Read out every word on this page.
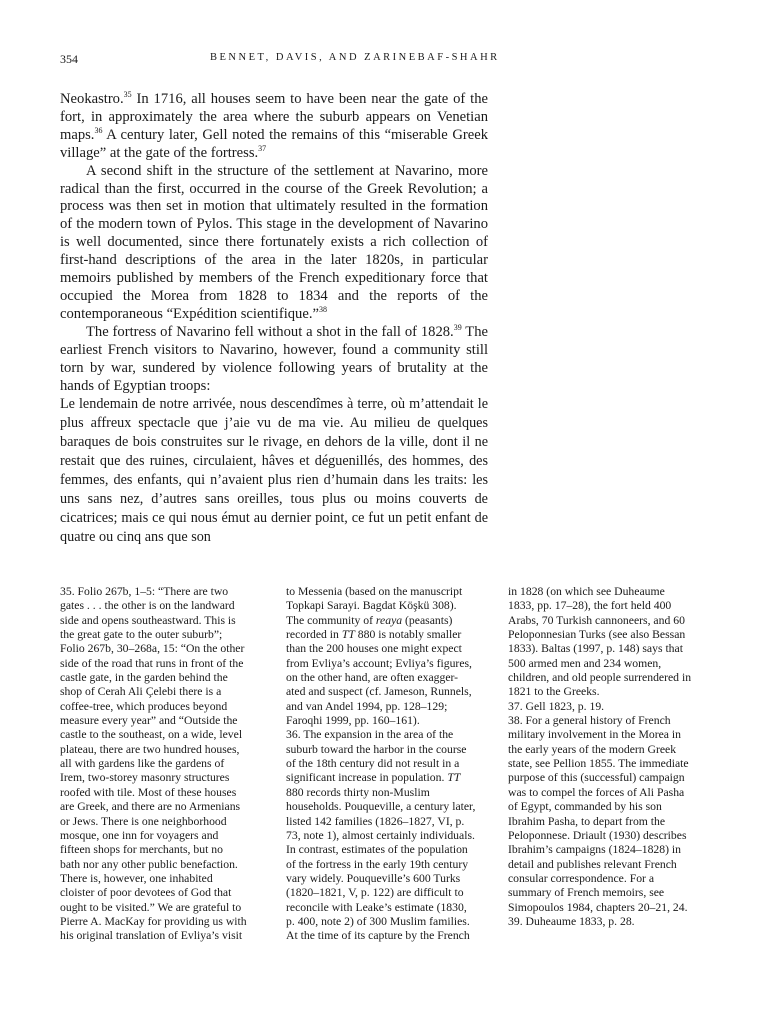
354	BENNET, DAVIS, AND ZARINEBAF-SHAHR

Neokastro.$^{35}$ In 1716, all houses seem to have been near the gate of the fort, in approximately the area where the suburb appears on Venetian maps.$^{36}$ A century later, Gell noted the remains of this “miserable Greek village” at the gate of the fortress.$^{37}$

A second shift in the structure of the settlement at Navarino, more radical than the first, occurred in the course of the Greek Revolution; a process was then set in motion that ultimately resulted in the formation of the modern town of Pylos. This stage in the development of Navarino is well documented, since there fortunately exists a rich collection of first-hand descriptions of the area in the later 1820s, in particular memoirs published by members of the French expeditionary force that occupied the Morea from 1828 to 1834 and the reports of the contemporaneous “Expédition scientifique.”$^{38}$

The fortress of Navarino fell without a shot in the fall of 1828.39 The earliest French visitors to Navarino, however, found a community still torn by war, sundered by violence following years of brutality at the hands of Egyptian troops:

Le lendemain de notre arrivée, nous descendîmes à terre, où m’attendait le plus affreux spectacle que j’aie vu de ma vie. Au milieu de quelques baraques de bois construites sur le rivage, en dehors de la ville, dont il ne restait que des ruines, circulaient, hâves et déguenillés, des hommes, des femmes, des enfants, qui n’avaient plus rien d’humain dans les traits: les uns sans nez, d’autres sans oreilles, tous plus ou moins couverts de cicatrices; mais ce qui nous émut au dernier point, ce fut un petit enfant de quatre ou cinq ans que son

35. Folio 267b, 1–5: “There are two
gates . . . the other is on the landward
side and opens southeastward. This is
the great gate to the outer suburb”;
Folio 267b, 30–268a, 15: “On the other
side of the road that runs in front of the
castle gate, in the garden behind the
shop of Cerah Ali Çelebi there is a
coffee-tree, which produces beyond
measure every year” and “Outside the
castle to the southeast, on a wide, level
plateau, there are two hundred houses,
all with gardens like the gardens of
Irem, two-storey masonry structures
roofed with tile. Most of these houses
are Greek, and there are no Armenians
or Jews. There is one neighborhood
mosque, one inn for voyagers and
fifteen shops for merchants, but no
bath nor any other public benefaction.
There is, however, one inhabited
cloister of poor devotees of God that
ought to be visited.” We are grateful to
Pierre A. MacKay for providing us with
his original translation of Evliya’s visit
to Messenia (based on the manuscript
Topkapi Sarayi. Bagdat Köşkü 308).
The community of reaya (peasants)
recorded in TT 880 is notably smaller
than the 200 houses one might expect
from Evliya’s account; Evliya’s figures,
on the other hand, are often exagger-
ated and suspect (cf. Jameson, Runnels,
and van Andel 1994, pp. 128–129;
Faroqhi 1999, pp. 160–161).
36. The expansion in the area of the
suburb toward the harbor in the course
of the 18th century did not result in a
significant increase in population. TT
880 records thirty non-Muslim
households. Pouqueville, a century later,
listed 142 families (1826–1827, VI, p.
73, note 1), almost certainly individuals.
In contrast, estimates of the population
of the fortress in the early 19th century
vary widely. Pouqueville’s 600 Turks
(1820–1821, V, p. 122) are difficult to
reconcile with Leake’s estimate (1830,
p. 400, note 2) of 300 Muslim families.
At the time of its capture by the French
in 1828 (on which see Duheaume
1833, pp. 17–28), the fort held 400
Arabs, 70 Turkish cannoneers, and 60
Peloponnesian Turks (see also Bessan
1833). Baltas (1997, p. 148) says that
500 armed men and 234 women,
children, and old people surrendered in
1821 to the Greeks.
37. Gell 1823, p. 19.
38. For a general history of French
military involvement in the Morea in
the early years of the modern Greek
state, see Pellion 1855. The immediate
purpose of this (successful) campaign
was to compel the forces of Ali Pasha
of Egypt, commanded by his son
Ibrahim Pasha, to depart from the
Peloponnese. Driault (1930) describes
Ibrahim’s campaigns (1824–1828) in
detail and publishes relevant French
consular correspondence. For a
summary of French memoirs, see
Simopoulos 1984, chapters 20–21, 24.
39. Duheaume 1833, p. 28.
